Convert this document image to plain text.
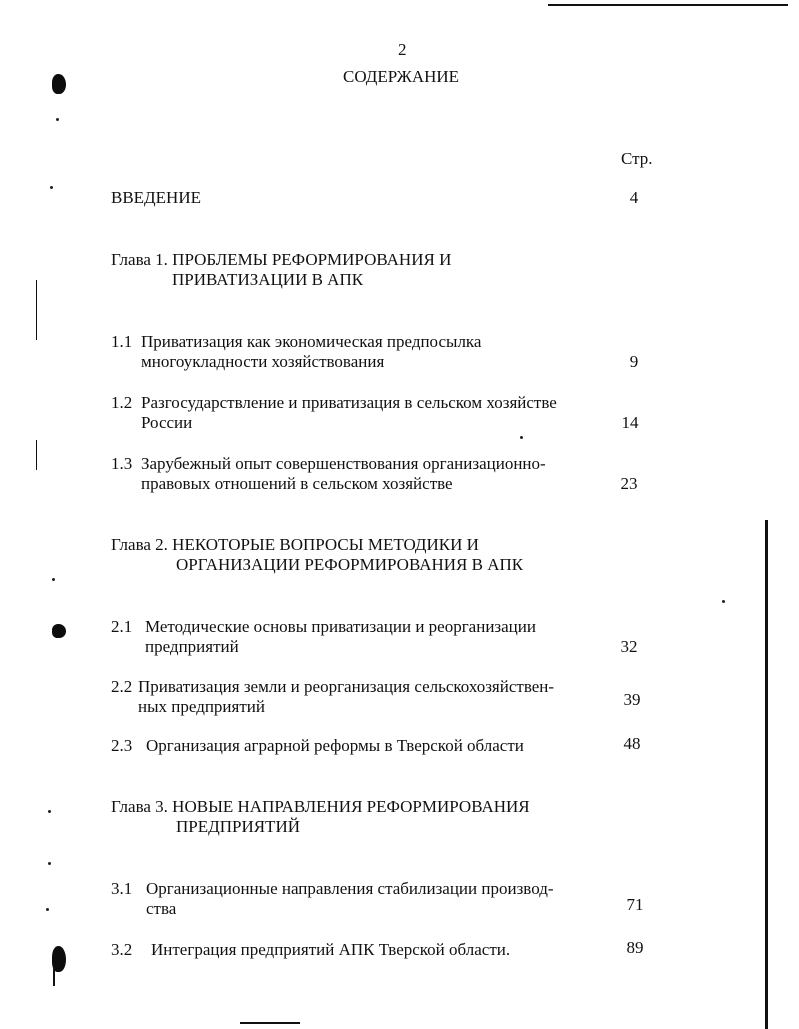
2
СОДЕРЖАНИЕ
Стр.
ВВЕДЕНИЕ	4
Глава 1. ПРОБЛЕМЫ РЕФОРМИРОВАНИЯ И
ПРИВАТИЗАЦИИ В АПК
1.1 Приватизация как экономическая предпосылка
многоукладности хозяйствования	9
1.2 Разгосударствление и приватизация в сельском хозяйстве
России	14
1.3 Зарубежный опыт совершенствования организационно-
правовых отношений в сельском хозяйстве	23
Глава 2. НЕКОТОРЫЕ ВОПРОСЫ МЕТОДИКИ И
ОРГАНИЗАЦИИ РЕФОРМИРОВАНИЯ В АПК
2.1 Методические основы приватизации и реорганизации
предприятий	32
2.2 Приватизация земли и реорганизация сельскохозяйствен-
ных предприятий	39
2.3 Организация аграрной реформы в Тверской области	48
Глава 3. НОВЫЕ НАПРАВЛЕНИЯ РЕФОРМИРОВАНИЯ
ПРЕДПРИЯТИЙ
3.1 Организационные направления стабилизации производ-
ства	71
3.2 Интеграция предприятий АПК Тверской области.	89
